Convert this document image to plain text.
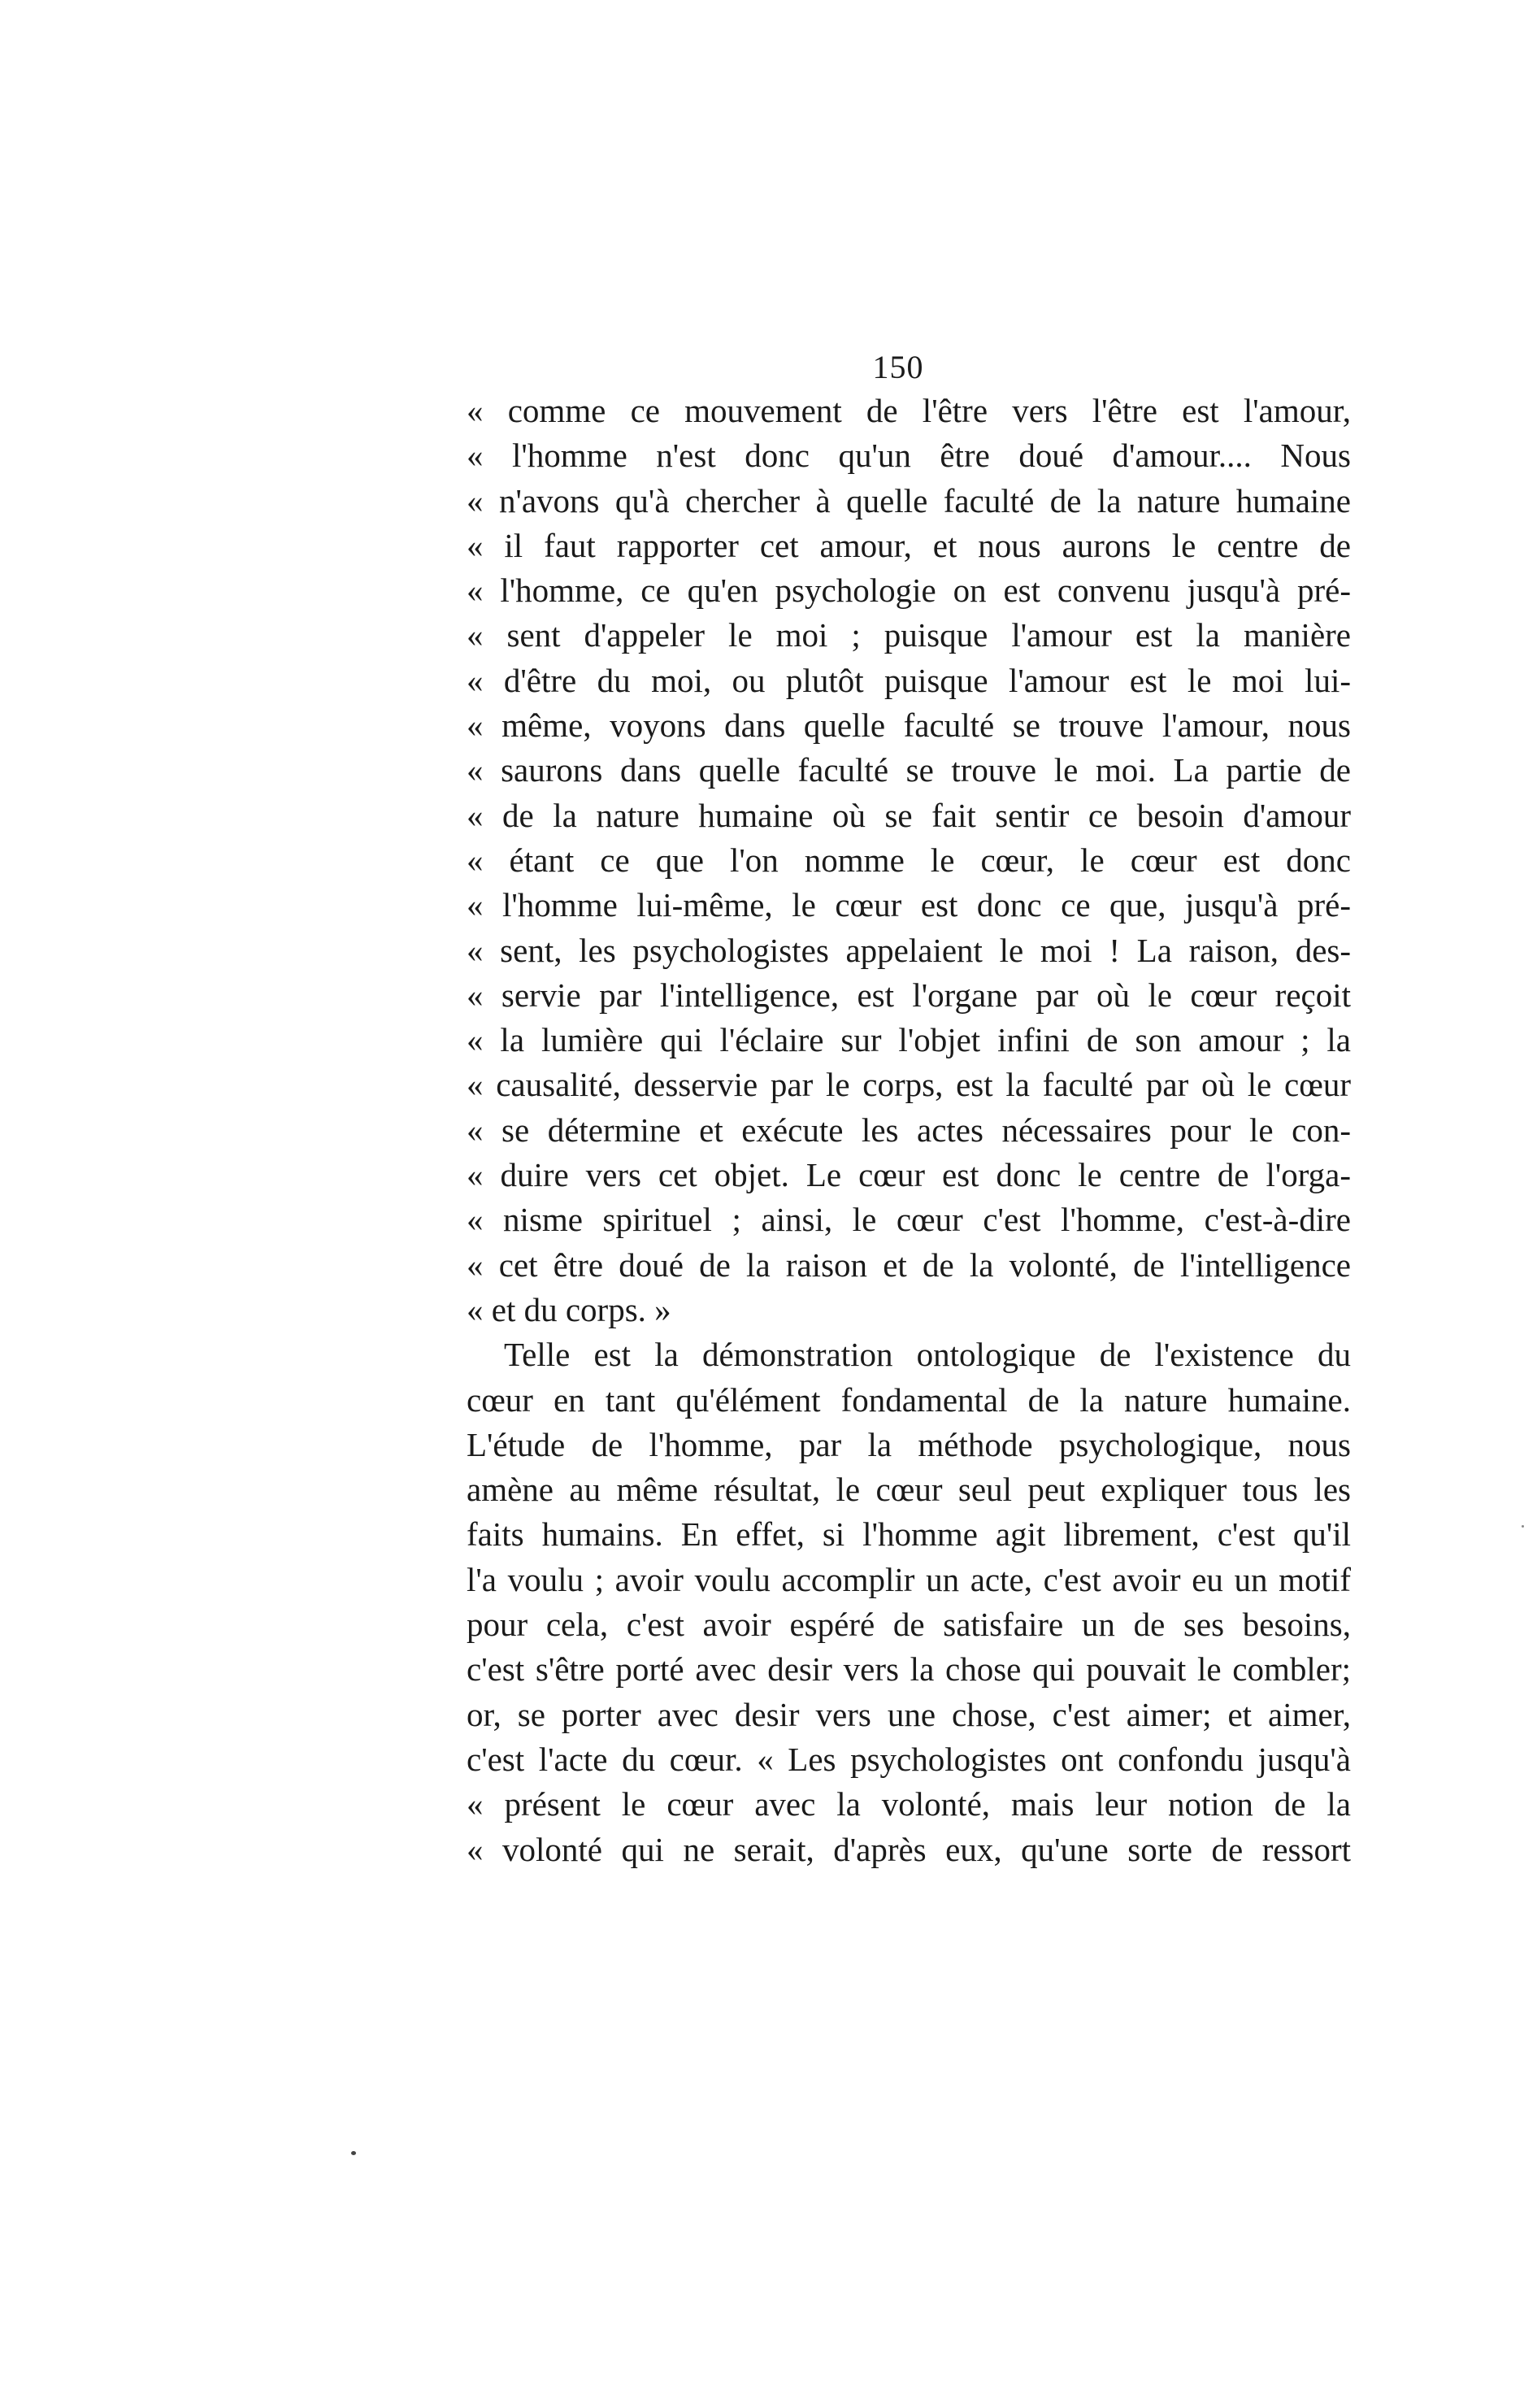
150
« comme ce mouvement de l'être vers l'être est l'amour,
« l'homme n'est donc qu'un être doué d'amour.... Nous
« n'avons qu'à chercher à quelle faculté de la nature humaine
« il faut rapporter cet amour, et nous aurons le centre de
« l'homme, ce qu'en psychologie on est convenu jusqu'à pré-
« sent d'appeler le moi ; puisque l'amour est la manière
« d'être du moi, ou plutôt puisque l'amour est le moi lui-
« même, voyons dans quelle faculté se trouve l'amour, nous
« saurons dans quelle faculté se trouve le moi. La partie de
« de la nature humaine où se fait sentir ce besoin d'amour
« étant ce que l'on nomme le cœur, le cœur est donc
« l'homme lui-même, le cœur est donc ce que, jusqu'à pré-
« sent, les psychologistes appelaient le moi ! La raison, des-
« servie par l'intelligence, est l'organe par où le cœur reçoit
« la lumière qui l'éclaire sur l'objet infini de son amour ; la
« causalité, desservie par le corps, est la faculté par où le cœur
« se détermine et exécute les actes nécessaires pour le con-
« duire vers cet objet. Le cœur est donc le centre de l'orga-
« nisme spirituel ; ainsi, le cœur c'est l'homme, c'est-à-dire
« cet être doué de la raison et de la volonté, de l'intelligence
« et du corps. »
Telle est la démonstration ontologique de l'existence du
cœur en tant qu'élément fondamental de la nature humaine.
L'étude de l'homme, par la méthode psychologique, nous
amène au même résultat, le cœur seul peut expliquer tous les
faits humains. En effet, si l'homme agit librement, c'est qu'il
l'a voulu ; avoir voulu accomplir un acte, c'est avoir eu un motif
pour cela, c'est avoir espéré de satisfaire un de ses besoins,
c'est s'être porté avec desir vers la chose qui pouvait le combler;
or, se porter avec desir vers une chose, c'est aimer; et aimer,
c'est l'acte du cœur. « Les psychologistes ont confondu jusqu'à
« présent le cœur avec la volonté, mais leur notion de la
« volonté qui ne serait, d'après eux, qu'une sorte de ressort
